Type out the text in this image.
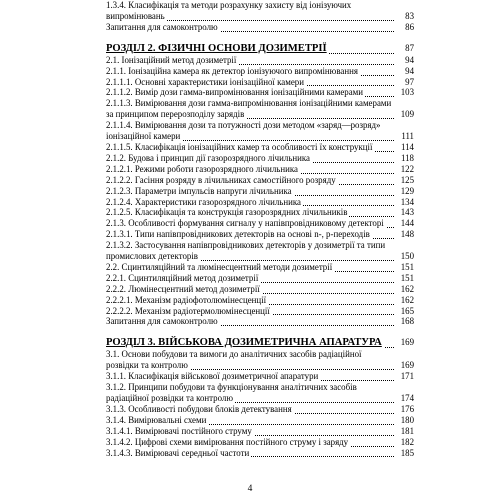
1.3.4. Класифікація та методи розрахунку захисту від іонізуючих випромінювань	83
Запитання для самоконтролю	86
РОЗДІЛ 2. ФІЗИЧНІ ОСНОВИ ДОЗИМЕТРІЇ	87
2.1. Іонізаційний метод дозиметрії	94
2.1.1. Іонізаційна камера як детектор іонізуючого випромінювання	94
2.1.1.1. Основні характеристики іонізаційної камери	97
2.1.1.2. Вимір дози гамма-випромінювання іонізаційними камерами	103
2.1.1.3. Вимірювання дози гамма-випромінювання іонізаційними камерами за принципом перерозподілу зарядів	109
2.1.1.4. Вимірювання дози та потужності дози методом «заряд—розряд» іонізаційної камери	111
2.1.1.5. Класифікація іонізаційних камер та особливості їх конструкції	114
2.1.2. Будова і принцип дії газорозрядного лічильника	118
2.1.2.1. Режими роботи газорозрядного лічильника	122
2.1.2.2. Гасіння розряду в лічильниках самостійного розряду	125
2.1.2.3. Параметри імпульсів напруги лічильника	129
2.1.2.4. Характеристики газорозрядного лічильника	134
2.1.2.5. Класифікація та конструкція газорозрядних лічильників	143
2.1.3. Особливості формування сигналу у напівпровідниковому детекторі	144
2.1.3.1. Типи напівпровідникових детекторів на основі n-, p-переходів	148
2.1.3.2. Застосування напівпровідникових детекторів у дозиметрії та типи промислових детекторів	150
2.2. Сцинтиляційний та люмінесцентний методи дозиметрії	151
2.2.1. Сцинтиляційний метод дозиметрії	151
2.2.2. Люмінесцентний метод дозиметрії	162
2.2.2.1. Механізм радіофотолюмінесценції	162
2.2.2.2. Механізм радіотермолюмінесценції	165
Запитання для самоконтролю	168
РОЗДІЛ 3. ВІЙСЬКОВА ДОЗИМЕТРИЧНА АПАРАТУРА	169
3.1. Основи побудови та вимоги до аналітичних засобів радіаційної розвідки та контролю	169
3.1.1. Класифікація військової дозиметричної апаратури	171
3.1.2. Принципи побудови та функціонування аналітичних засобів радіаційної розвідки та контролю	174
3.1.3. Особливості побудови блоків детектування	176
3.1.4. Вимірювальні схеми	180
3.1.4.1. Вимірювачі постійного струму	181
3.1.4.2. Цифрові схеми вимірювання постійного струму і заряду	182
3.1.4.3. Вимірювачі середньої частоти	185
4
